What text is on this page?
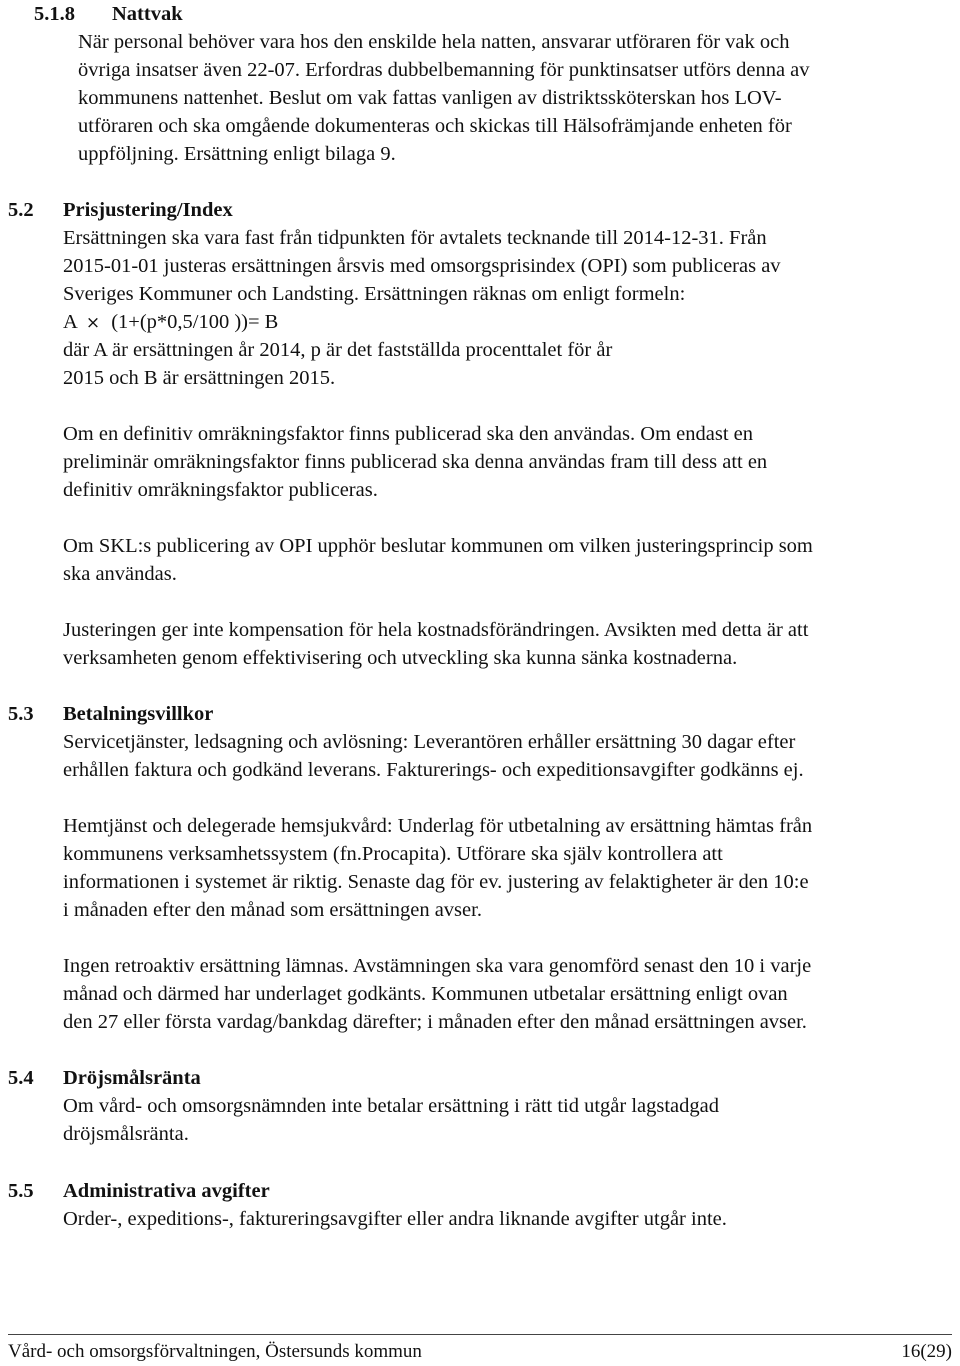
5.1.8 Nattvak
När personal behöver vara hos den enskilde hela natten, ansvarar utföraren för vak och
övriga insatser även 22-07. Erfordras dubbelbemanning för punktinsatser utförs denna av
kommunens nattenhet. Beslut om vak fattas vanligen av distriktssköterskan hos LOV-
utföraren och ska omgående dokumenteras och skickas till Hälsofrämjande enheten för
uppföljning. Ersättning enligt bilaga 9.
5.2 Prisjustering/Index
Ersättningen ska vara fast från tidpunkten för avtalets tecknande till 2014-12-31. Från
2015-01-01 justeras ersättningen årsvis med omsorgsprisindex (OPI) som publiceras av
Sveriges Kommuner och Landsting. Ersättningen räknas om enligt formeln:
A × (1+(p*0,5/100 ))= B
där A är ersättningen år 2014, p är det fastställda procenttalet för år
2015 och B är ersättningen 2015.
Om en definitiv omräkningsfaktor finns publicerad ska den användas. Om endast en
preliminär omräkningsfaktor finns publicerad ska denna användas fram till dess att en
definitiv omräkningsfaktor publiceras.
Om SKL:s publicering av OPI upphör beslutar kommunen om vilken justeringsprincip som
ska användas.
Justeringen ger inte kompensation för hela kostnadsförändringen. Avsikten med detta är att
verksamheten genom effektivisering och utveckling ska kunna sänka kostnaderna.
5.3 Betalningsvillkor
Servicetjänster, ledsagning och avlösning: Leverantören erhåller ersättning 30 dagar efter
erhållen faktura och godkänd leverans. Fakturerings- och expeditionsavgifter godkänns ej.
Hemtjänst och delegerade hemsjukvård: Underlag för utbetalning av ersättning hämtas från
kommunens verksamhetssystem (fn.Procapita). Utförare ska själv kontrollera att
informationen i systemet är riktig. Senaste dag för ev. justering av felaktigheter är den 10:e
i månaden efter den månad som ersättningen avser.
Ingen retroaktiv ersättning lämnas. Avstämningen ska vara genomförd senast den 10 i varje
månad och därmed har underlaget godkänts. Kommunen utbetalar ersättning enligt ovan
den 27 eller första vardag/bankdag därefter; i månaden efter den månad ersättningen avser.
5.4 Dröjsmålsränta
Om vård- och omsorgsnämnden inte betalar ersättning i rätt tid utgår lagstadgad
dröjsmålsränta.
5.5 Administrativa avgifter
Order-, expeditions-, faktureringsavgifter eller andra liknande avgifter utgår inte.
Vård- och omsorgsförvaltningen, Östersunds kommun	16(29)
